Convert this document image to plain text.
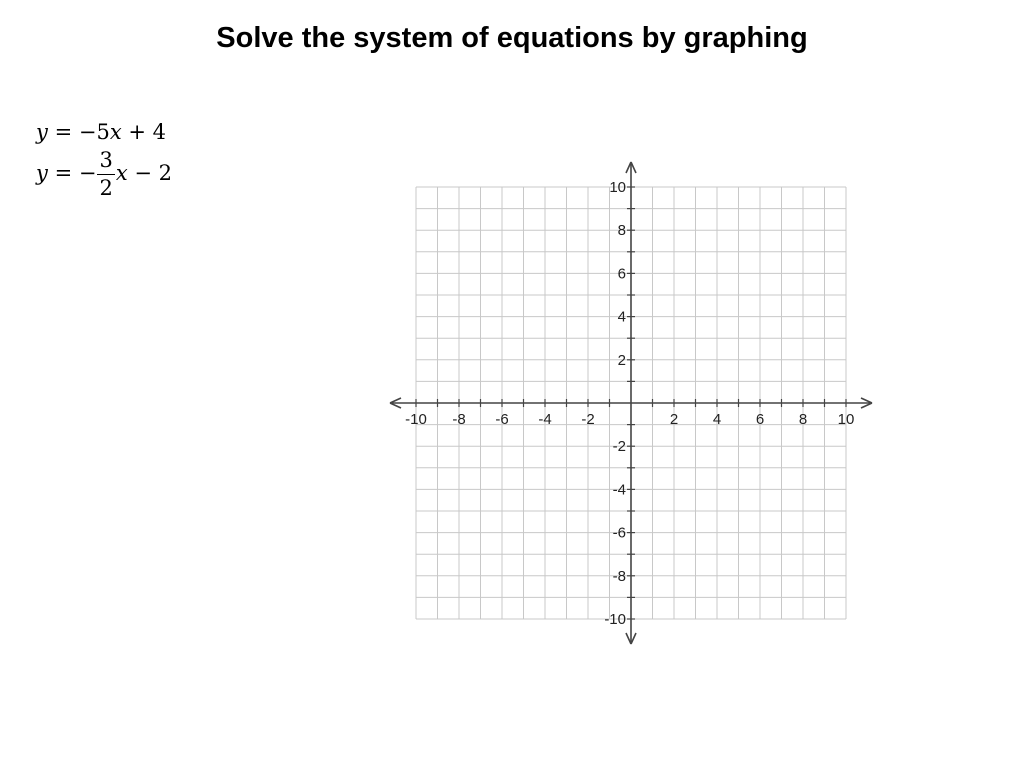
Solve the system of equations by graphing
y = −5x + 4
y = − $\frac{3}{2}$ x − 2
-10 -8 -6 -4 -2	2 4 6 8 10
10
8
6
4
2
-2
-4
-6
-8
-10
